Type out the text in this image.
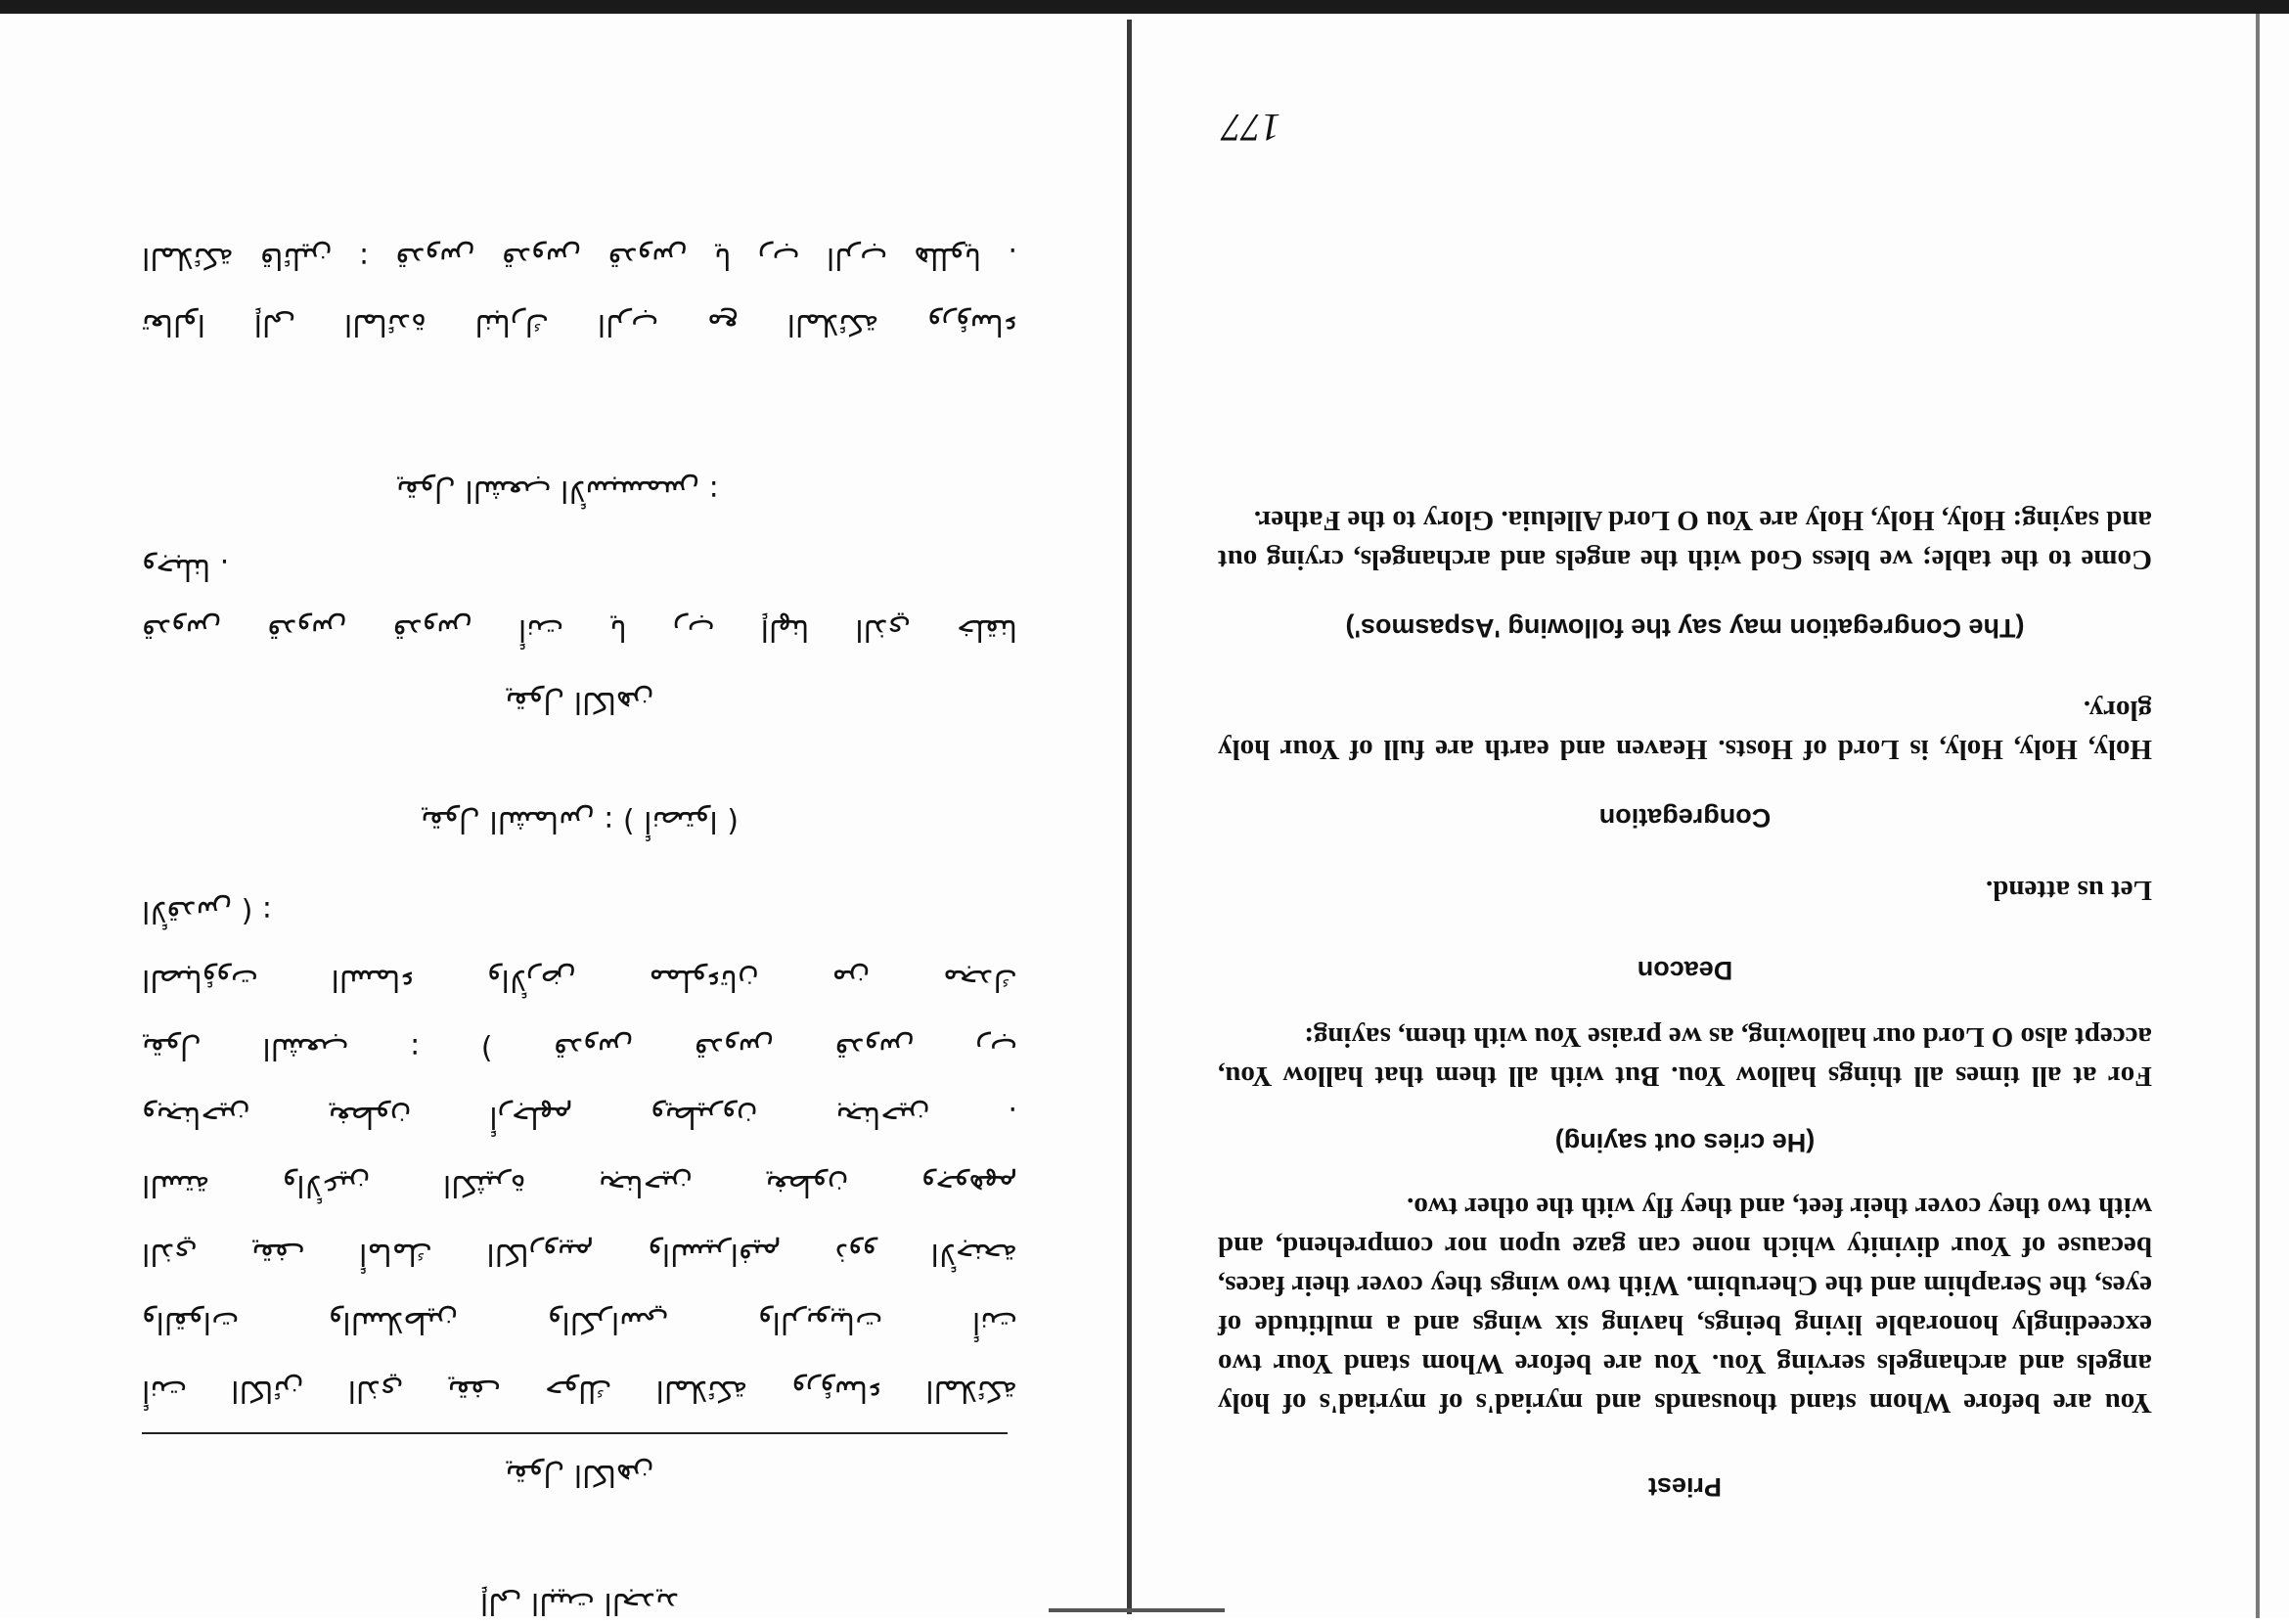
Priest

You are before Whom stand thousands and myriad's of myriad's of holy angels and archangels serving You. You are before Whom stand Your two exceedingly honorable living beings, having six wings and a multitude of eyes, the Seraphim and the Cherubim. With two wings they cover their faces, because of Your divinity which none can gaze upon nor comprehend, and with two they cover their feet, and they fly with the other two.

(He cries out saying)

For at all times all things hallow You. But with all them that hallow You, accept also O Lord our hallowing, as we praise You with them, saying:

Deacon

Let us attend.

Congregation

Holy, Holy, Holy, is Lord of Hosts. Heaven and earth are full of Your holy glory.

(The Congregation may say the following 'Aspasmos')

Come to the table; we bless God with the angels and archangels, crying out and saying: Holy, Holy, Holy are You O Lord Alleluia. Glory to the Father.

177
إلى البيت الجديد
يقول الكاهن
أنت الكائن الذي يقف حولك الملائكة ورؤساء الملائكة
والقوات والسلاطين والكراسي والربوبيات أنت
الذي يقف أمامك الكاروبيم والسيرافيم ذوو الأجنحة
الستة والأعين الكثيرة بجناحين يغطون وجوههم
وبجناحين يغطون أرجلهم ويطيرون بجناحين .
يقول الشعب : ( قدوس قدوس قدوس رب
الصباؤوت السماء والأرض مملوءتان من مجدك
الأقدس ) :
يقول الشماس : ( أنصتوا )
يقول الكاهن
قدوس قدوس قدوس أنت يا رب إلهنا الذي خلقنا
وجبلنا .
يقول الشعب الأسبسمس :
تعالوا إلى المائدة لنبارك الرب مع الملائكة ورؤساء
الملائكة قائلين : قدوس قدوس قدوس يا رب الرب هللويا .
